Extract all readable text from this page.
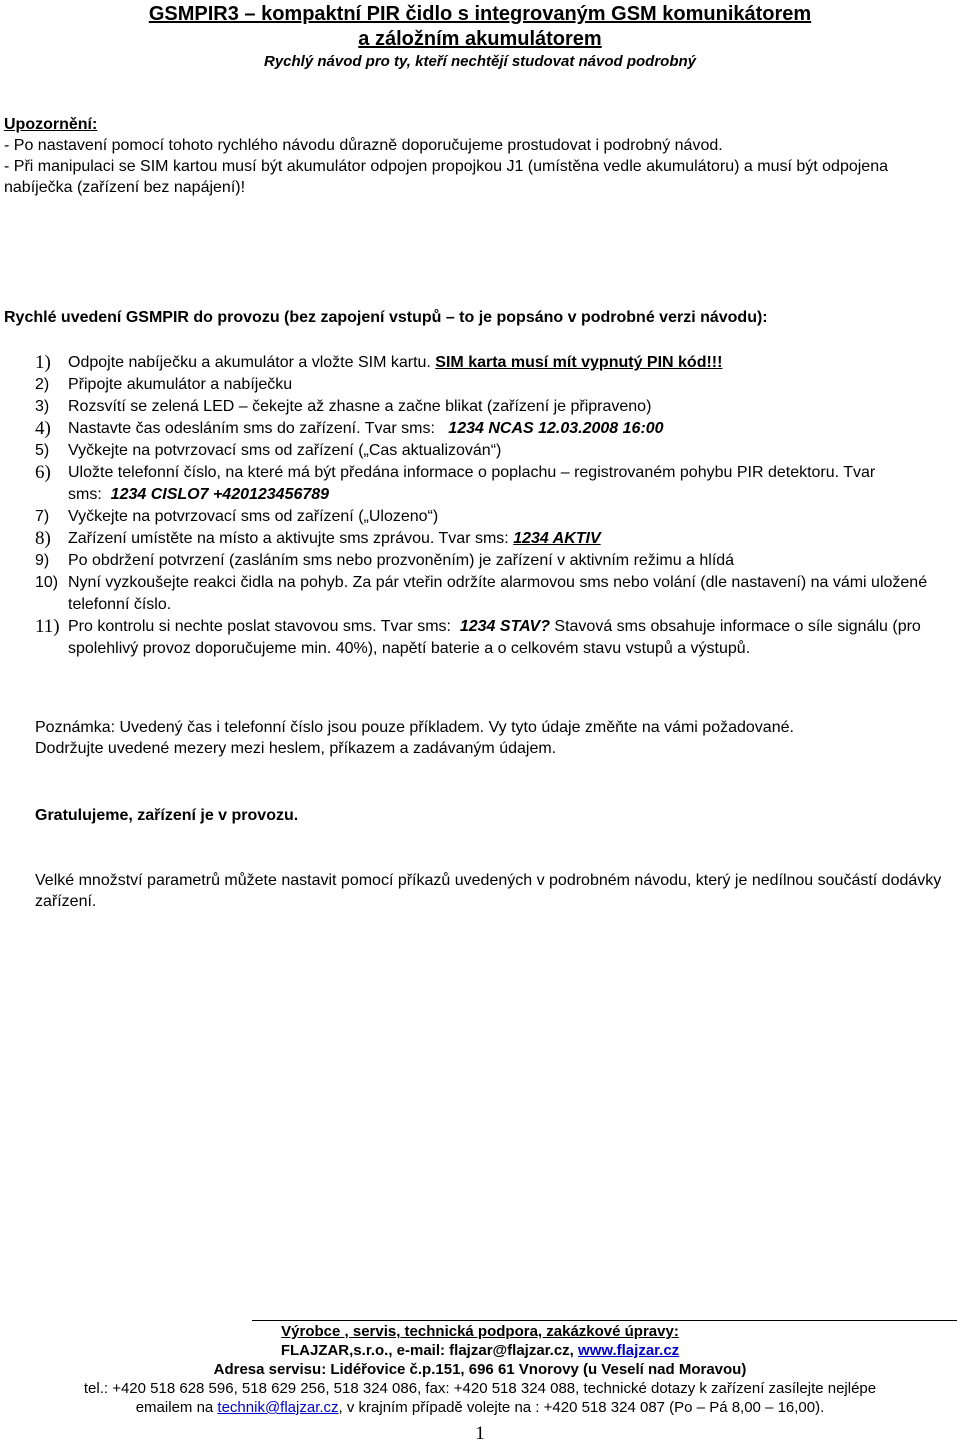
GSMPIR3 – kompaktní PIR čidlo s integrovaným GSM komunikátorem
a záložním akumulátorem
Rychlý návod pro ty, kteří nechtějí studovat návod podrobný
Upozornění:
- Po nastavení pomocí tohoto rychlého návodu důrazně doporučujeme prostudovat i podrobný návod.
- Při manipulaci se SIM kartou musí být akumulátor odpojen propojkou J1 (umístěna vedle akumulátoru) a musí být odpojena nabíječka (zařízení bez napájení)!
Rychlé uvedení GSMPIR do provozu (bez zapojení vstupů – to je popsáno v podrobné verzi návodu):
1)	Odpojte nabíječku a akumulátor a vložte SIM kartu. SIM karta musí mít vypnutý PIN kód!!!
2)	Připojte akumulátor a nabíječku
3)	Rozsvítí se zelená LED – čekejte až zhasne a začne blikat (zařízení je připraveno)
4)	Nastavte čas odesláním sms do zařízení. Tvar sms: 1234 NCAS 12.03.2008 16:00
5)	Vyčkejte na potvrzovací sms od zařízení („Cas aktualizován“)
6)	Uložte telefonní číslo, na které má být předána informace o poplachu – registrovaném pohybu PIR detektoru. Tvar sms: 1234 CISLO7 +420123456789
7)	Vyčkejte na potvrzovací sms od zařízení („Ulozeno“)
8)	Zařízení umístěte na místo a aktivujte sms zprávou. Tvar sms: 1234 AKTIV
9)	Po obdržení potvrzení (zasláním sms nebo prozvoněním) je zařízení v aktivním režimu a hlídá
10) Nyní vyzkoušejte reakci čidla na pohyb. Za pár vteřin održíte alarmovou sms nebo volání (dle nastavení) na vámi uložené telefonní číslo.
11) Pro kontrolu si nechte poslat stavovou sms. Tvar sms: 1234 STAV? Stavová sms obsahuje informace o síle signálu (pro spolehlivý provoz doporučujeme min. 40%), napětí baterie a o celkovém stavu vstupů a výstupů.
Poznámka: Uvedený čas i telefonní číslo jsou pouze příkladem. Vy tyto údaje změňte na vámi požadované.
Dodržujte uvedené mezery mezi heslem, příkazem a zadávaným údajem.
Gratulujeme, zařízení je v provozu.
Velké množství parametrů můžete nastavit pomocí příkazů uvedených v podrobném návodu, který je nedílnou součástí dodávky zařízení.
Výrobce , servis, technická podpora, zakázkové úpravy:
FLAJZAR,s.r.o., e-mail: flajzar@flajzar.cz, www.flajzar.cz
Adresa servisu: Lidéřovice č.p.151, 696 61 Vnorovy (u Veselí nad Moravou)
tel.: +420 518 628 596, 518 629 256, 518 324 086, fax: +420 518 324 088, technické dotazy k zařízení zasílejte nejlépe
emailem na technik@flajzar.cz, v krajním případě volejte na : +420 518 324 087 (Po – Pá 8,00 – 16,00).
1
